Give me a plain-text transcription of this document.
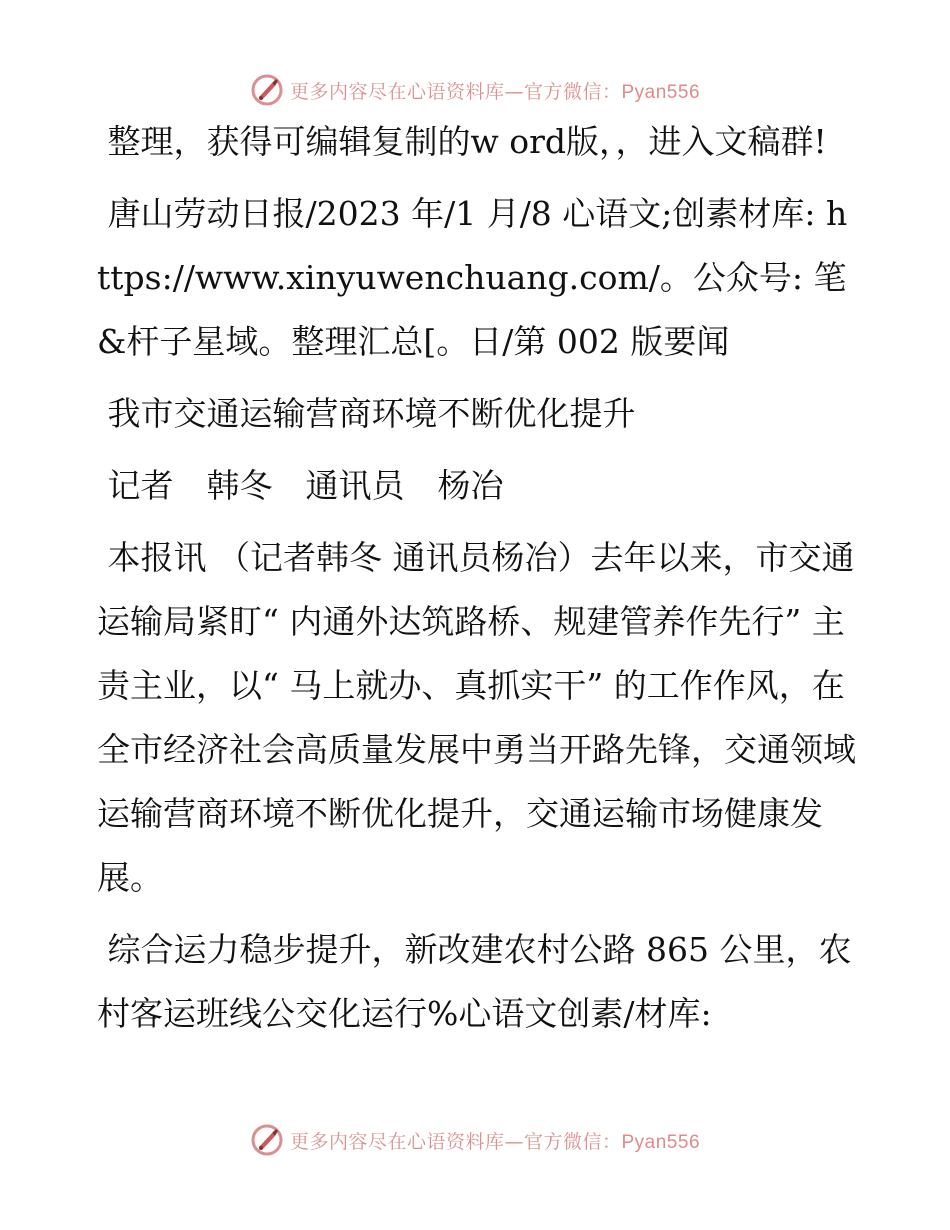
更多内容尽在心语资料库—官方微信：Pyan556

整理，获得可编辑复制的w ord版，，进入文稿群!

唐山劳动日报/2023 年/1 月/8 心语文;创素材库: https://www.xinyuwenchuang.com/。公众号: 笔&杆子星域。整理汇总[。日/第 002 版要闻

我市交通运输营商环境不断优化提升

记者　韩冬　通讯员　杨冶

本报讯 （记者韩冬 通讯员杨冶）去年以来，市交通运输局紧盯“ 内通外达筑路桥、规建管养作先行” 主责主业，以“ 马上就办、真抓实干” 的工作作风，在全市经济社会高质量发展中勇当开路先锋，交通领域运输营商环境不断优化提升，交通运输市场健康发展。

综合运力稳步提升，新改建农村公路 865 公里，农村客运班线公交化运行%心语文创素/材库:

更多内容尽在心语资料库—官方微信：Pyan556
